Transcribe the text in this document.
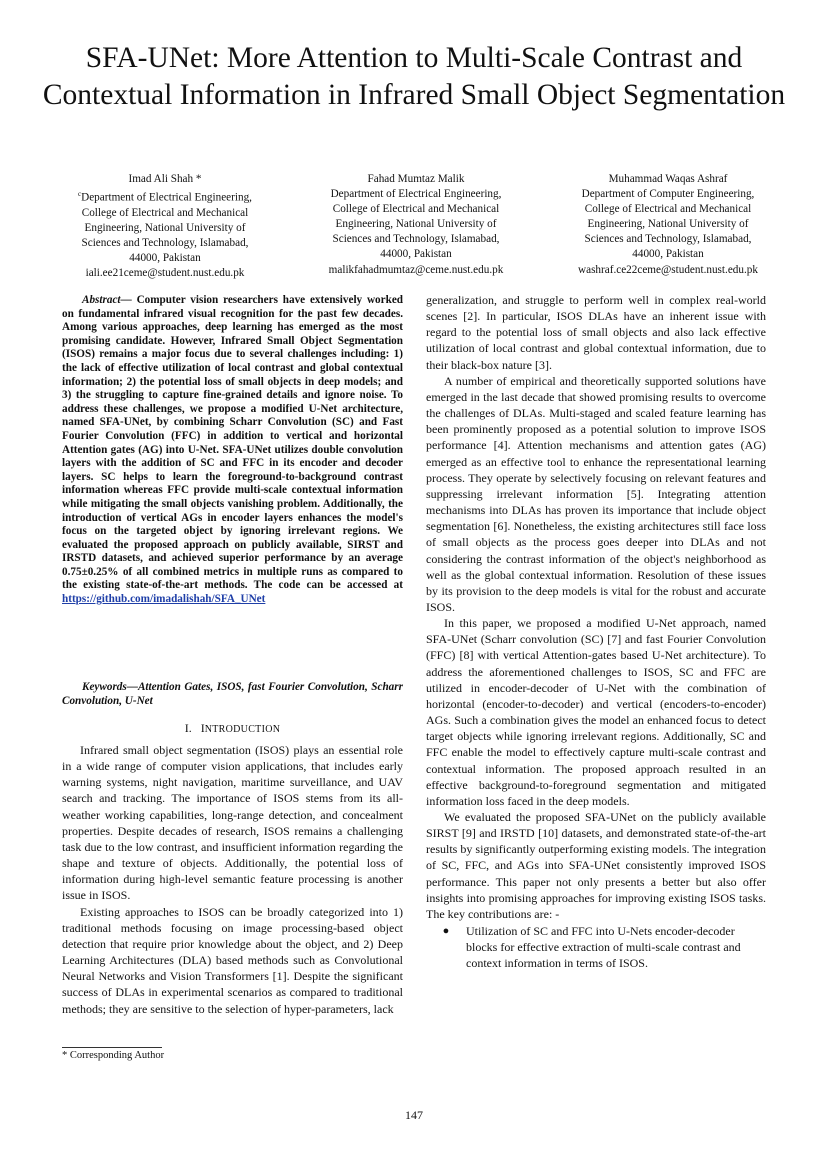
SFA-UNet: More Attention to Multi-Scale Contrast and Contextual Information in Infrared Small Object Segmentation
Imad Ali Shah *
$^c$Department of Electrical Engineering,
College of Electrical and Mechanical
Engineering, National University of
Sciences and Technology, Islamabad,
44000, Pakistan
iali.ee21ceme@student.nust.edu.pk
Fahad Mumtaz Malik
Department of Electrical Engineering,
College of Electrical and Mechanical
Engineering, National University of
Sciences and Technology, Islamabad,
44000, Pakistan
malikfahadmumtaz@ceme.nust.edu.pk
Muhammad Waqas Ashraf
Department of Computer Engineering,
College of Electrical and Mechanical
Engineering, National University of
Sciences and Technology, Islamabad,
44000, Pakistan
washraf.ce22ceme@student.nust.edu.pk
Abstract— Computer vision researchers have extensively worked on fundamental infrared visual recognition for the past few decades. Among various approaches, deep learning has emerged as the most promising candidate. However, Infrared Small Object Segmentation (ISOS) remains a major focus due to several challenges including: 1) the lack of effective utilization of local contrast and global contextual information; 2) the potential loss of small objects in deep models; and 3) the struggling to capture fine-grained details and ignore noise. To address these challenges, we propose a modified U-Net architecture, named SFA-UNet, by combining Scharr Convolution (SC) and Fast Fourier Convolution (FFC) in addition to vertical and horizontal Attention gates (AG) into U-Net. SFA-UNet utilizes double convolution layers with the addition of SC and FFC in its encoder and decoder layers. SC helps to learn the foreground-to-background contrast information whereas FFC provide multi-scale contextual information while mitigating the small objects vanishing problem. Additionally, the introduction of vertical AGs in encoder layers enhances the model's focus on the targeted object by ignoring irrelevant regions. We evaluated the proposed approach on publicly available, SIRST and IRSTD datasets, and achieved superior performance by an average 0.75±0.25% of all combined metrics in multiple runs as compared to the existing state-of-the-art methods. The code can be accessed at https://github.com/imadalishah/SFA_UNet
Keywords—Attention Gates, ISOS, fast Fourier Convolution, Scharr Convolution, U-Net
I. INTRODUCTION

Infrared small object segmentation (ISOS) plays an essential role in a wide range of computer vision applications, that includes early warning systems, night navigation, maritime surveillance, and UAV search and tracking. The importance of ISOS stems from its all-weather working capabilities, long-range detection, and concealment properties. Despite decades of research, ISOS remains a challenging task due to the low contrast, and insufficient information regarding the shape and texture of objects. Additionally, the potential loss of information during high-level semantic feature processing is another issue in ISOS.

Existing approaches to ISOS can be broadly categorized into 1) traditional methods focusing on image processing-based object detection that require prior knowledge about the object, and 2) Deep Learning Architectures (DLA) based methods such as Convolutional Neural Networks and Vision Transformers [1]. Despite the significant success of DLAs in experimental scenarios as compared to traditional methods; they are sensitive to the selection of hyper-parameters, lack

* Corresponding Author

generalization, and struggle to perform well in complex real-world scenes [2]. In particular, ISOS DLAs have an inherent issue with regard to the potential loss of small objects and also lack effective utilization of local contrast and global contextual information, due to their black-box nature [3].

A number of empirical and theoretically supported solutions have emerged in the last decade that showed promising results to overcome the challenges of DLAs. Multi-staged and scaled feature learning has been prominently proposed as a potential solution to improve ISOS performance [4]. Attention mechanisms and attention gates (AG) emerged as an effective tool to enhance the representational learning process. They operate by selectively focusing on relevant features and suppressing irrelevant information [5]. Integrating attention mechanisms into DLAs has proven its importance that include object segmentation [6]. Nonetheless, the existing architectures still face loss of small objects as the process goes deeper into DLAs and not considering the contrast information of the object's neighborhood as well as the global contextual information. Resolution of these issues by its provision to the deep models is vital for the robust and accurate ISOS.

In this paper, we proposed a modified U-Net approach, named SFA-UNet (Scharr convolution (SC) [7] and fast Fourier Convolution (FFC) [8] with vertical Attention-gates based U-Net architecture). To address the aforementioned challenges to ISOS, SC and FFC are utilized in encoder-decoder of U-Net with the combination of horizontal (encoder-to-decoder) and vertical (encoders-to-encoder) AGs. Such a combination gives the model an enhanced focus to detect target objects while ignoring irrelevant regions. Additionally, SC and FFC enable the model to effectively capture multi-scale contrast and contextual information. The proposed approach resulted in an effective background-to-foreground segmentation and mitigated information loss faced in the deep models.

We evaluated the proposed SFA-UNet on the publicly available SIRST [9] and IRSTD [10] datasets, and demonstrated state-of-the-art results by significantly outperforming existing models. The integration of SC, FFC, and AGs into SFA-UNet consistently improved ISOS performance. This paper not only presents a better but also offer insights into promising approaches for improving existing ISOS tasks. The key contributions are: -

●	Utilization of SC and FFC into U-Nets encoder-decoder blocks for effective extraction of multi-scale contrast and context information in terms of ISOS.
147
